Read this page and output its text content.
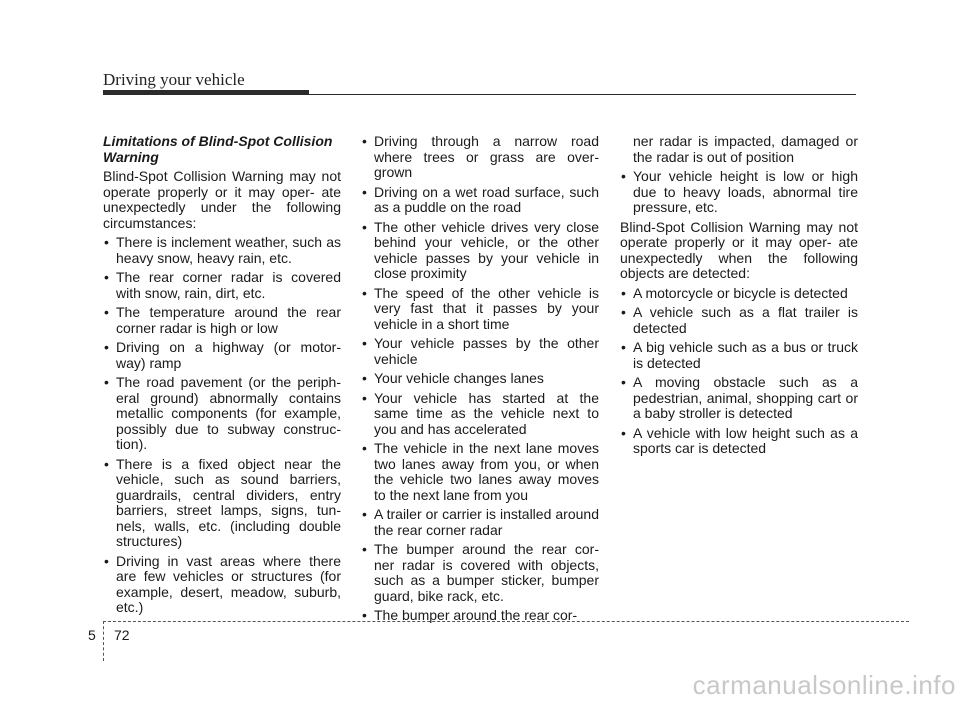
Driving your vehicle

Limitations of Blind-Spot Collision Warning

Blind-Spot Collision Warning may not operate properly or it may oper- ate unexpectedly under the following circumstances:

• There is inclement weather, such as heavy snow, heavy rain, etc.
• The rear corner radar is covered with snow, rain, dirt, etc.
• The temperature around the rear corner radar is high or low
• Driving on a highway (or motor- way) ramp
• The road pavement (or the periph- eral ground) abnormally contains metallic components (for example, possibly due to subway construc- tion).
• There is a fixed object near the vehicle, such as sound barriers, guardrails, central dividers, entry barriers, street lamps, signs, tun- nels, walls, etc. (including double structures)
• Driving in vast areas where there are few vehicles or structures (for example, desert, meadow, suburb, etc.)
• Driving through a narrow road where trees or grass are over- grown
• Driving on a wet road surface, such as a puddle on the road
• The other vehicle drives very close behind your vehicle, or the other vehicle passes by your vehicle in close proximity
• The speed of the other vehicle is very fast that it passes by your vehicle in a short time
• Your vehicle passes by the other vehicle
• Your vehicle changes lanes
• Your vehicle has started at the same time as the vehicle next to you and has accelerated
• The vehicle in the next lane moves two lanes away from you, or when the vehicle two lanes away moves to the next lane from you
• A trailer or carrier is installed around the rear corner radar
• The bumper around the rear cor- ner radar is covered with objects, such as a bumper sticker, bumper guard, bike rack, etc.
• The bumper around the rear cor-

ner radar is impacted, damaged or the radar is out of position

• Your vehicle height is low or high due to heavy loads, abnormal tire pressure, etc.

Blind-Spot Collision Warning may not operate properly or it may oper- ate unexpectedly when the following objects are detected:

• A motorcycle or bicycle is detected
• A vehicle such as a flat trailer is detected
• A big vehicle such as a bus or truck is detected
• A moving obstacle such as a pedestrian, animal, shopping cart or a baby stroller is detected
• A vehicle with low height such as a sports car is detected
5 72
carmanualsonline.info
